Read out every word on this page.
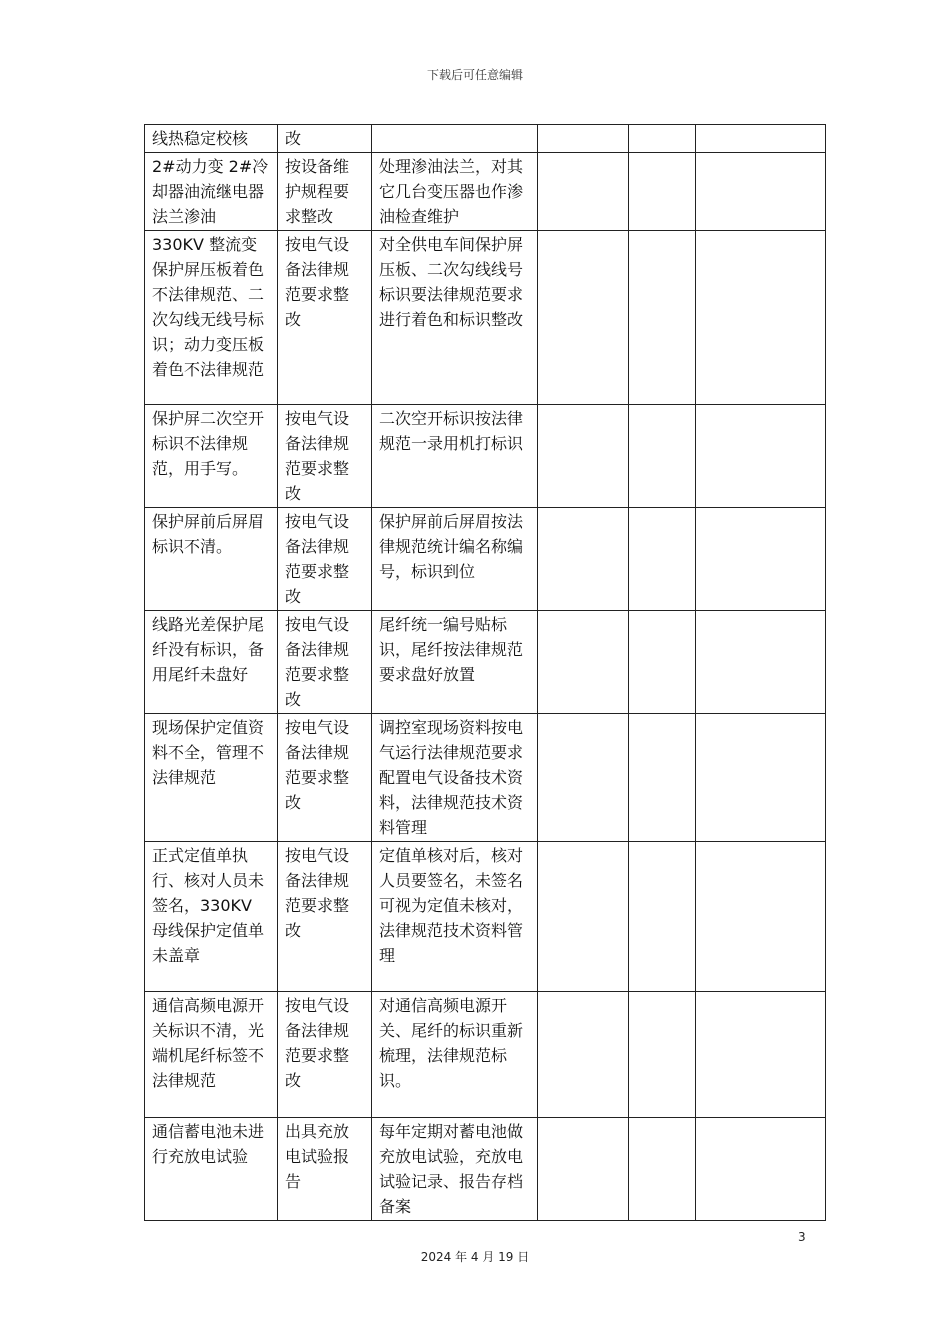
下载后可任意编辑
线热稳定校核	改				
2#动力变 2#冷却器油流继电器法兰渗油	按设备维护规程要求整改	处理渗油法兰，对其它几台变压器也作渗油检查维护			
330KV 整流变保护屏压板着色不法律规范、二次勾线无线号标识；动力变压板着色不法律规范	按电气设备法律规范要求整改	对全供电车间保护屏压板、二次勾线线号标识要法律规范要求进行着色和标识整改			
保护屏二次空开标识不法律规范，用手写。	按电气设备法律规范要求整改	二次空开标识按法律规范一录用机打标识			
保护屏前后屏眉标识不清。	按电气设备法律规范要求整改	保护屏前后屏眉按法律规范统计编名称编号，标识到位			
线路光差保护尾纤没有标识，备用尾纤未盘好	按电气设备法律规范要求整改	尾纤统一编号贴标识，尾纤按法律规范要求盘好放置			
现场保护定值资料不全，管理不法律规范	按电气设备法律规范要求整改	调控室现场资料按电气运行法律规范要求配置电气设备技术资料，法律规范技术资料管理			
正式定值单执行、核对人员未签名，330KV 母线保护定值单未盖章	按电气设备法律规范要求整改	定值单核对后，核对人员要签名，未签名可视为定值未核对，法律规范技术资料管理			
通信高频电源开关标识不清，光端机尾纤标签不法律规范	按电气设备法律规范要求整改	对通信高频电源开关、尾纤的标识重新梳理，法律规范标识。			
通信蓄电池未进行充放电试验	出具充放电试验报告	每年定期对蓄电池做充放电试验，充放电试验记录、报告存档备案			
3
2024 年 4 月 19 日
